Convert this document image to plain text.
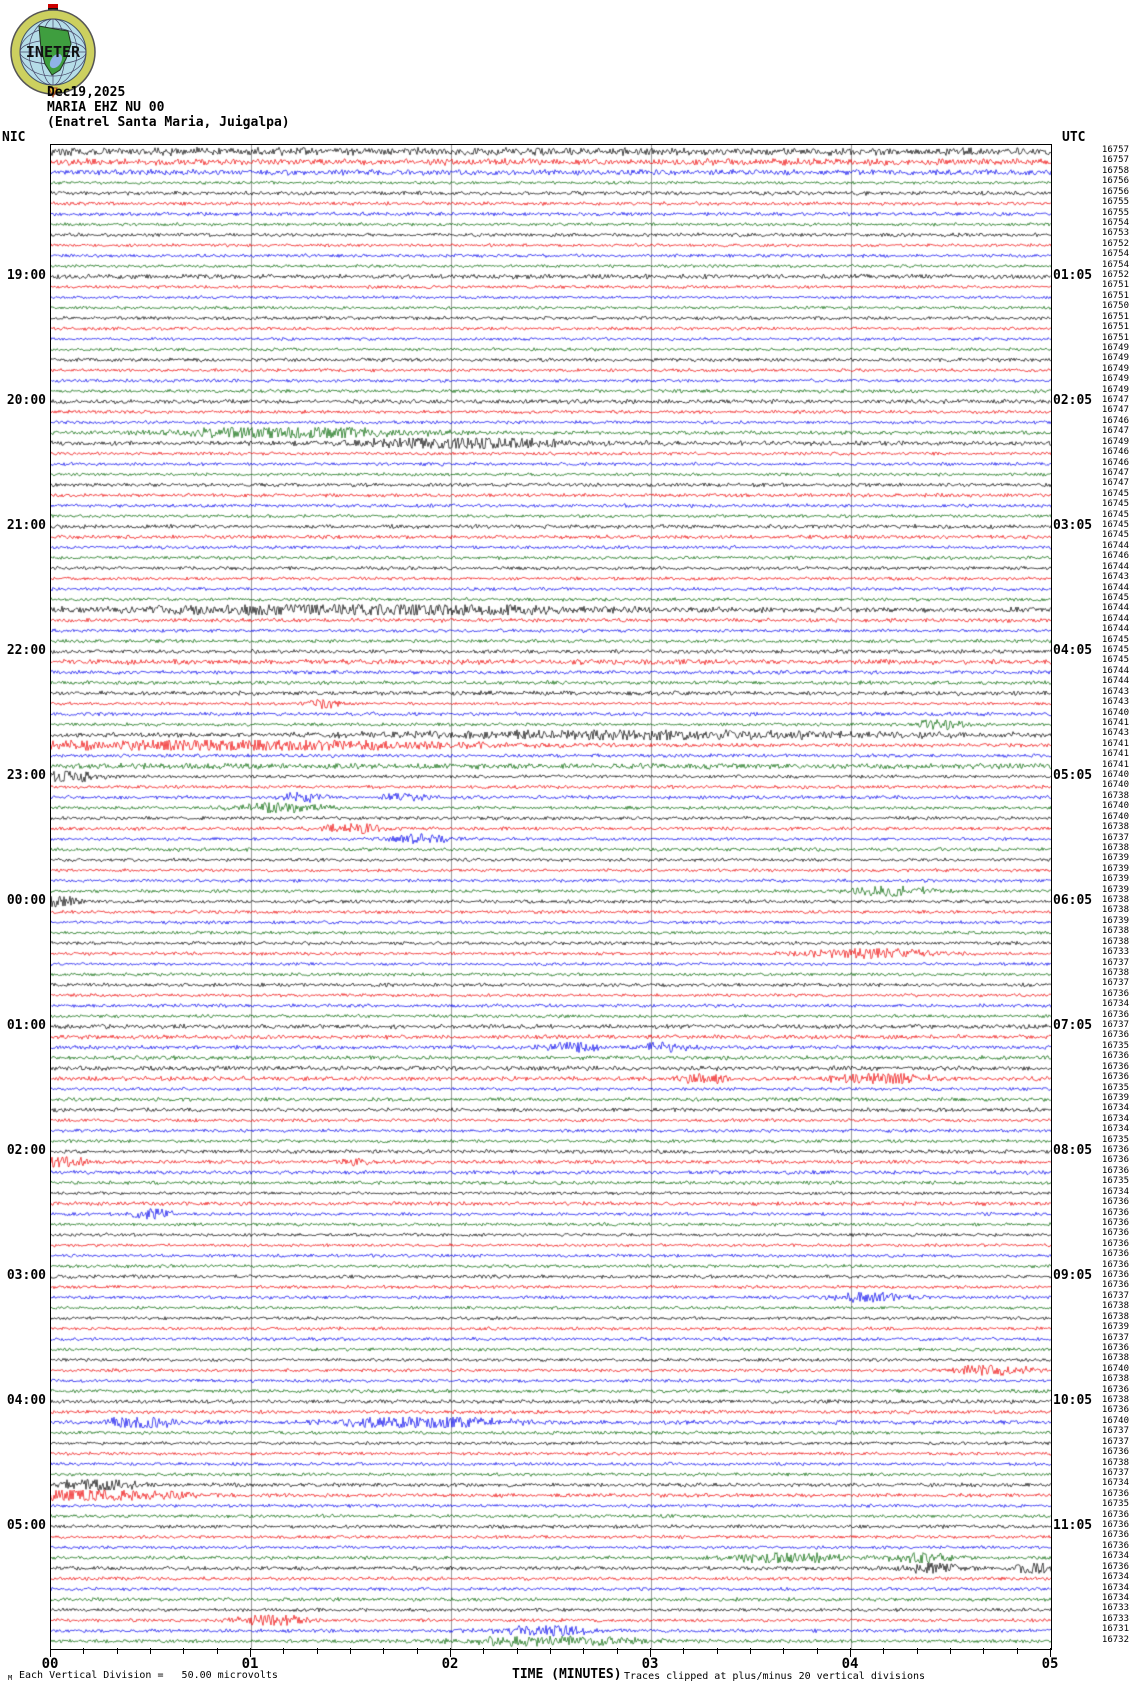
INETER
Dec19,2025
MARIA EHZ NU 00
(Enatrel Santa Maria, Juigalpa)
NIC	UTC
19:00
20:00
21:00
22:00
23:00
00:00
01:00
02:00
03:00
04:00
05:00
01:05
02:05
03:05
04:05
05:05
06:05
07:05
08:05
09:05
10:05
11:05
16757
16757
16758
16756
16756
16755
16755
16754
16753
16752
16754
16754
16752
16751
16751
16750
16751
16751
16751
16749
16749
16749
16749
16749
16747
16747
16746
16747
16749
16746
16746
16747
16747
16745
16745
16745
16745
16745
16744
16746
16744
16743
16744
16745
16744
16744
16744
16745
16745
16745
16744
16744
16743
16743
16740
16741
16743
16741
16741
16741
16740
16740
16738
16740
16740
16738
16737
16738
16739
16739
16739
16739
16738
16738
16739
16738
16738
16733
16737
16738
16737
16736
16734
16736
16737
16736
16735
16736
16736
16736
16735
16739
16734
16734
16734
16735
16736
16736
16736
16735
16734
16736
16736
16736
16736
16736
16736
16736
16736
16736
16737
16738
16738
16739
16737
16736
16738
16740
16738
16736
16738
16736
16740
16737
16737
16736
16738
16737
16734
16736
16735
16736
16736
16736
16736
16734
16736
16734
16734
16734
16733
16733
16731
16732
00	01	02	03	04	05
M Each Vertical Division =   50.00 microvolts	TIME (MINUTES) Traces clipped at plus/minus 20 vertical divisions
